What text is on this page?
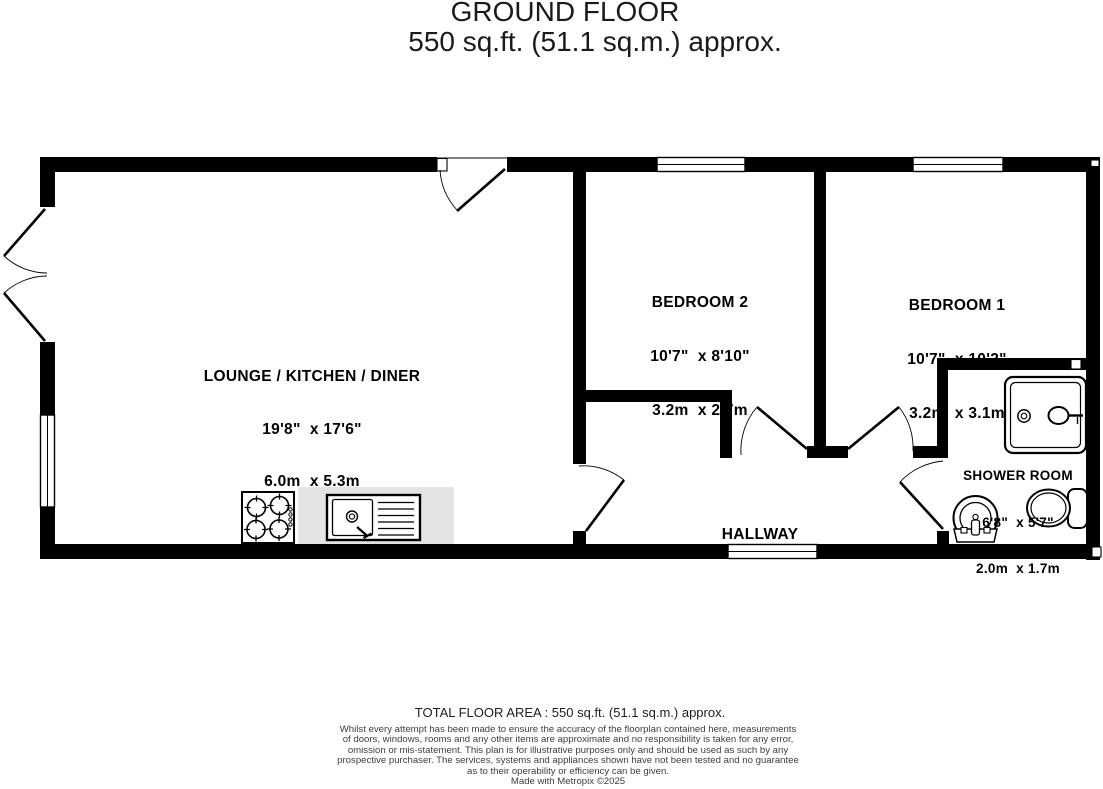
GROUND FLOOR
550 sq.ft. (51.1 sq.m.) approx.

LOUNGE / KITCHEN / DINER

19'8"  x 17'6"

6.0m  x 5.3m

BEDROOM 2

10'7"  x 8'10"

3.2m  x 2.7m

BEDROOM 1

10'7"  x 10'2"

3.2m  x 3.1m

HALLWAY

SHOWER ROOM

6'8"  x 5'7"

2.0m  x 1.7m

TOTAL FLOOR AREA : 550 sq.ft. (51.1 sq.m.) approx.
Whilst every attempt has been made to ensure the accuracy of the floorplan contained here, measurements
of doors, windows, rooms and any other items are approximate and no responsibility is taken for any error,
omission or mis-statement. This plan is for illustrative purposes only and should be used as such by any
prospective purchaser. The services, systems and appliances shown have not been tested and no guarantee
as to their operability or efficiency can be given.
Made with Metropix ©2025
